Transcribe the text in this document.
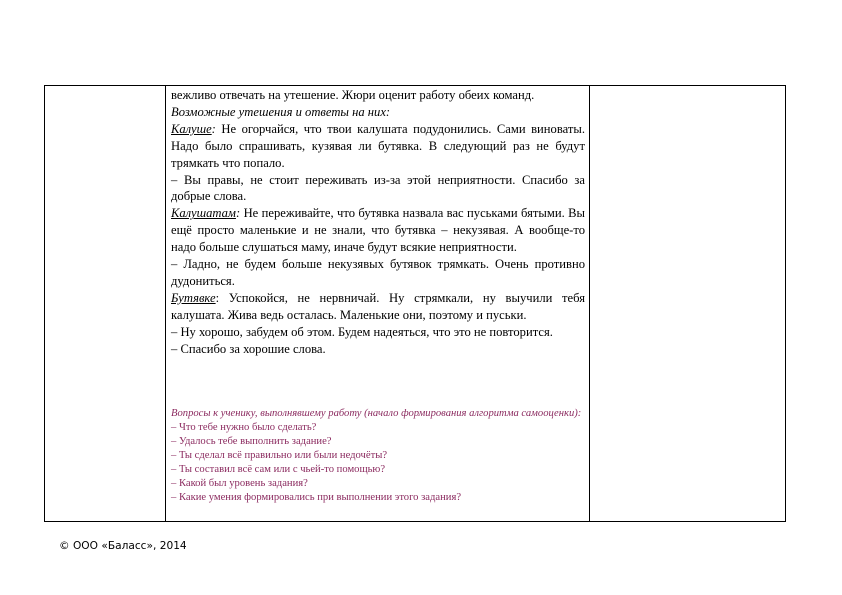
вежливо отвечать на утешение. Жюри оценит работу обеих команд.

Возможные утешения и ответы на них:

Калуше: Не огорчайся, что твои калушата подудонились. Сами виноваты. Надо было спрашивать, кузявая ли бутявка. В следующий раз не будут трямкать что попало.

– Вы правы, не стоит переживать из-за этой неприятности. Спасибо за добрые слова.

Калушатам: Не переживайте, что бутявка назвала вас пуськами бятыми. Вы ещё просто маленькие и не знали, что бутявка – некузявая. А вообще-то надо больше слушаться маму, иначе будут всякие неприятности.

– Ладно, не будем больше некузявых бутявок трямкать. Очень противно дудониться.

Бутявке: Успокойся, не нервничай. Ну стрямкали, ну выучили тебя калушата. Жива ведь осталась. Маленькие они, поэтому и пуськи.

– Ну хорошо, забудем об этом. Будем надеяться, что это не повторится.

– Спасибо за хорошие слова.

Вопросы к ученику, выполнявшему работу (начало формирования алгоритма самооценки):

– Что тебе нужно было сделать?
– Удалось тебе выполнить задание?
– Ты сделал всё правильно или были недочёты?
– Ты составил всё сам или с чьей-то помощью?
– Какой был уровень задания?
– Какие умения формировались при выполнении этого задания?
© ООО «Баласс», 2014
